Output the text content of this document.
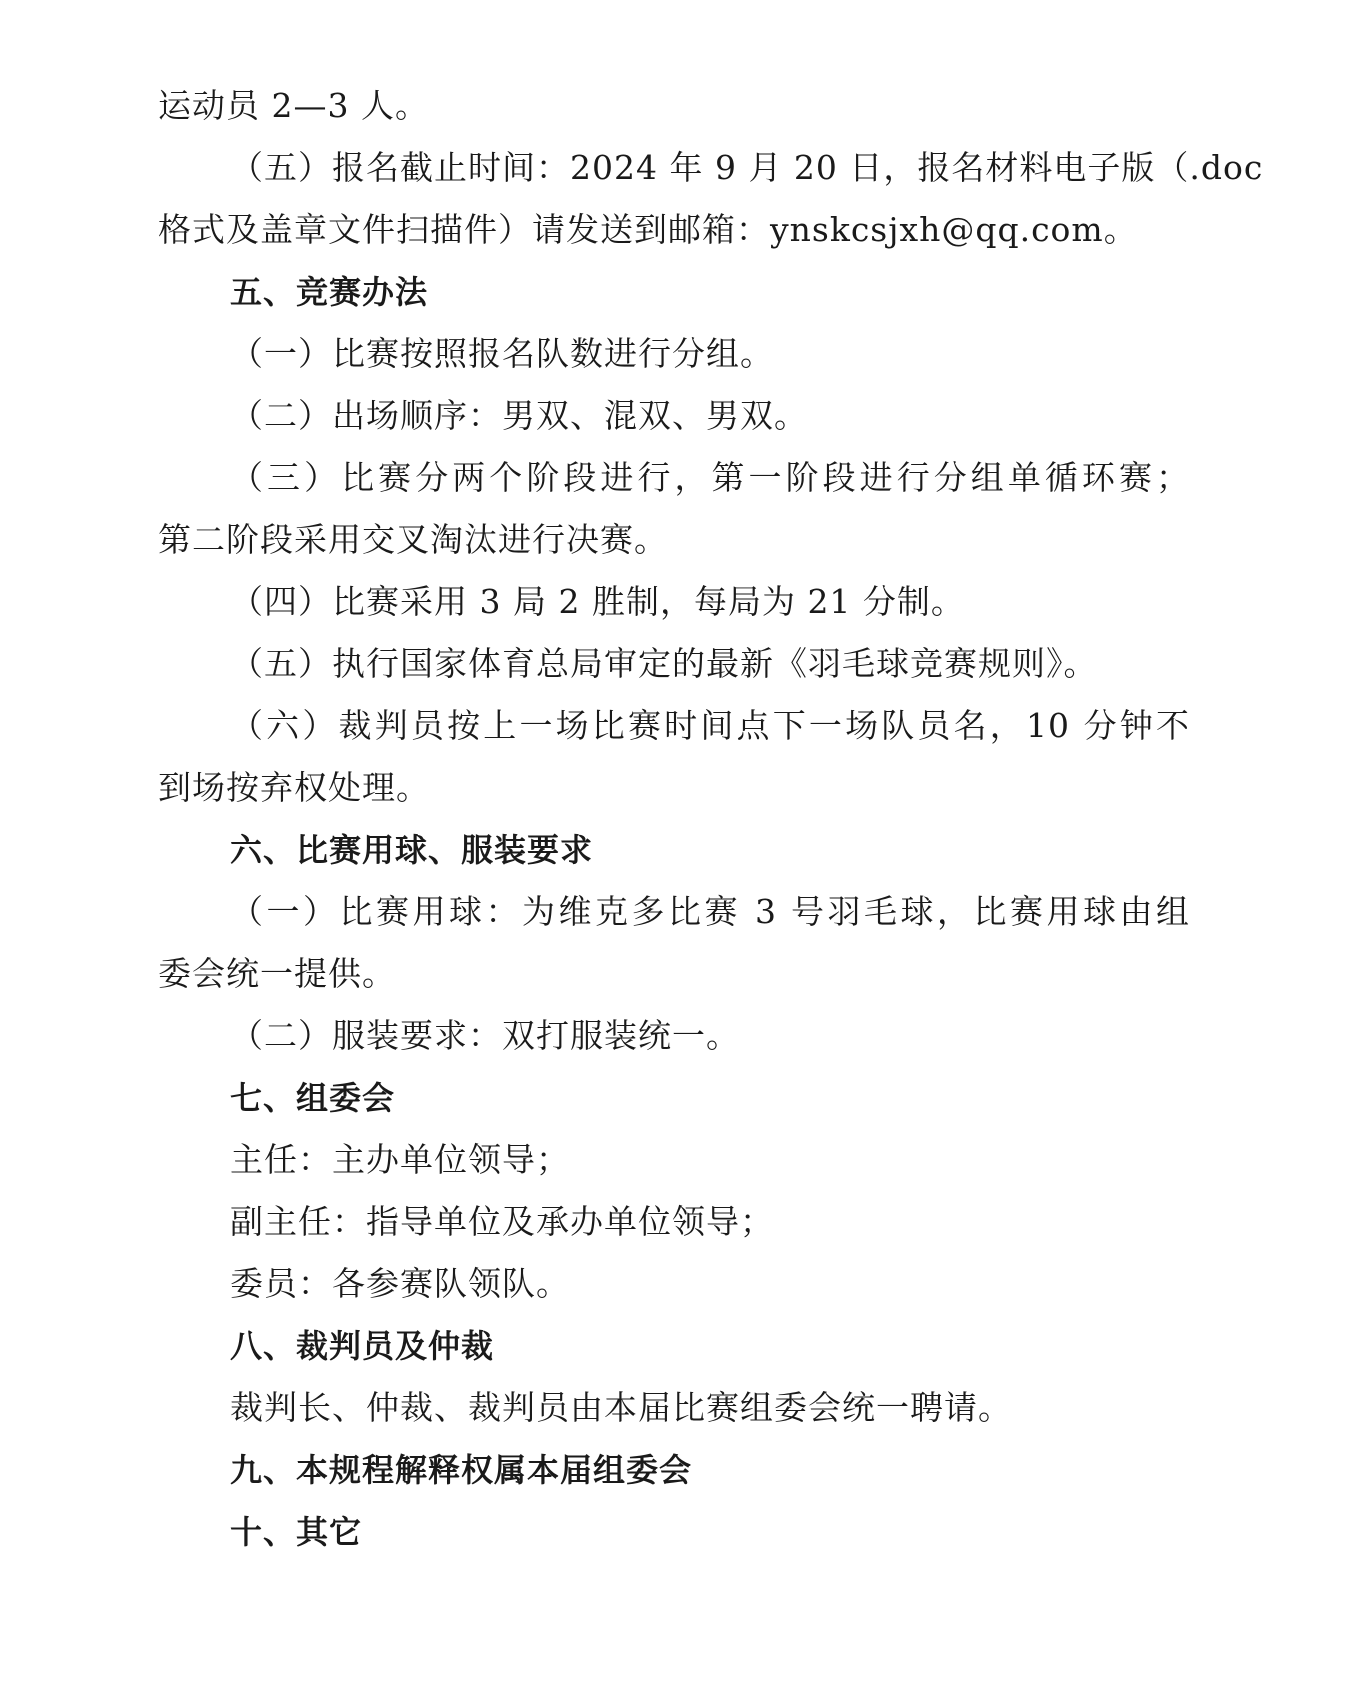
运动员 2—3 人。
（五）报名截止时间：2024 年 9 月 20 日，报名材料电子版（.doc
格式及盖章文件扫描件）请发送到邮箱：ynskcsjxh@qq.com。
五、竞赛办法
（一）比赛按照报名队数进行分组。
（二）出场顺序：男双、混双、男双。
（三）比赛分两个阶段进行，第一阶段进行分组单循环赛；
第二阶段采用交叉淘汰进行决赛。
（四）比赛采用 3 局 2 胜制，每局为 21 分制。
（五）执行国家体育总局审定的最新《羽毛球竞赛规则》。
（六）裁判员按上一场比赛时间点下一场队员名，10 分钟不
到场按弃权处理。
六、比赛用球、服装要求
（一）比赛用球：为维克多比赛 3 号羽毛球，比赛用球由组
委会统一提供。
（二）服装要求：双打服装统一。
七、组委会
主任：主办单位领导；
副主任：指导单位及承办单位领导；
委员：各参赛队领队。
八、裁判员及仲裁
裁判长、仲裁、裁判员由本届比赛组委会统一聘请。
九、本规程解释权属本届组委会
十、其它
